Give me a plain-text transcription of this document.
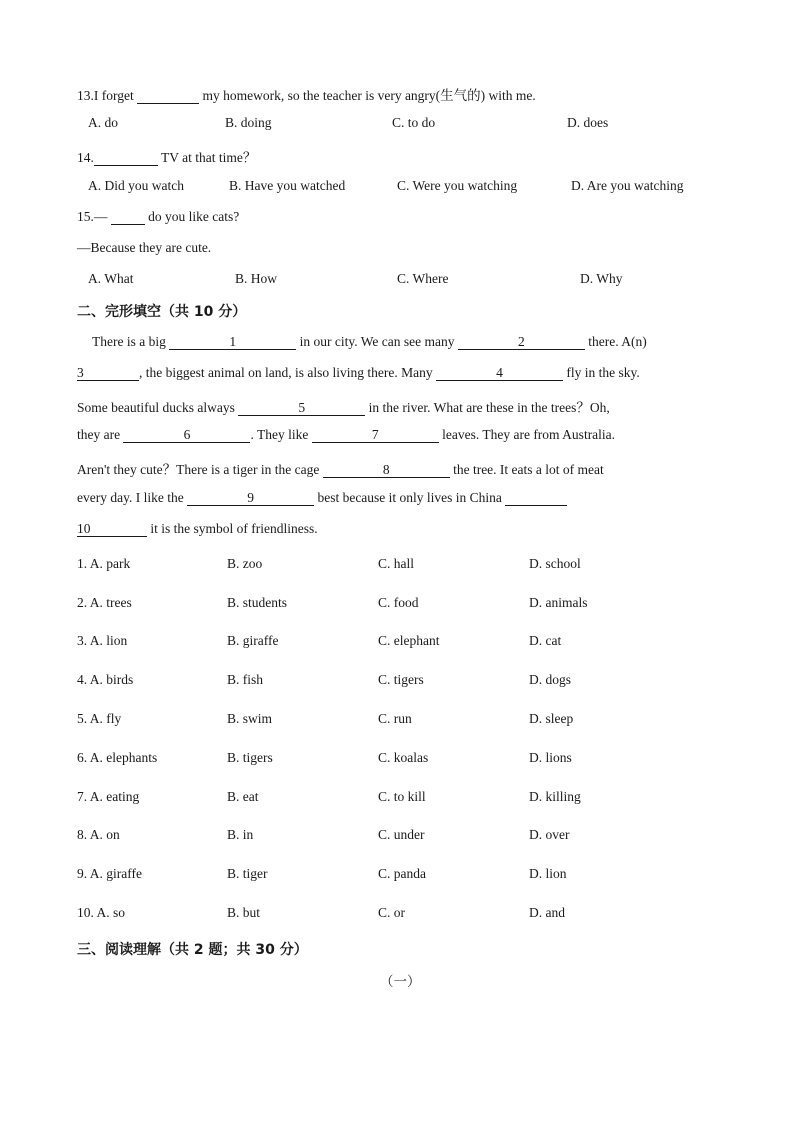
13.I forget	my homework, so the teacher is very angry(生气的) with me.
A. do	B. doing	C. to do	D. does
14.	TV at that time？
A. Did you watch	B. Have you watched	C. Were you watching	D. Are you watching
15.—	do you like cats?
—Because they are cute.
A. What	B. How	C. Where	D. Why
二、完形填空（共 10 分）
There is a big	1	in our city. We can see many	2	there. A(n)
3	, the biggest animal on land, is also living there. Many	4	fly in the sky.
Some beautiful ducks always	5	in the river. What are these in the trees？Oh,
they are	6	. They like	7	leaves. They are from Australia.
Aren't they cute？There is a tiger in the cage	8	the tree. It eats a lot of meat
every day. I like the	9	best because it only lives in China
10	it is the symbol of friendliness.
1. A. park	B. zoo	C. hall	D. school
2. A. trees	B. students	C. food	D. animals
3. A. lion	B. giraffe	C. elephant	D. cat
4. A. birds	B. fish	C. tigers	D. dogs
5. A. fly	B. swim	C. run	D. sleep
6. A. elephants	B. tigers	C. koalas	D. lions
7. A. eating	B. eat	C. to kill	D. killing
8. A. on	B. in	C. under	D. over
9. A. giraffe	B. tiger	C. panda	D. lion
10. A. so	B. but	C. or	D. and
三、阅读理解（共 2 题；共 30 分）
（一）
